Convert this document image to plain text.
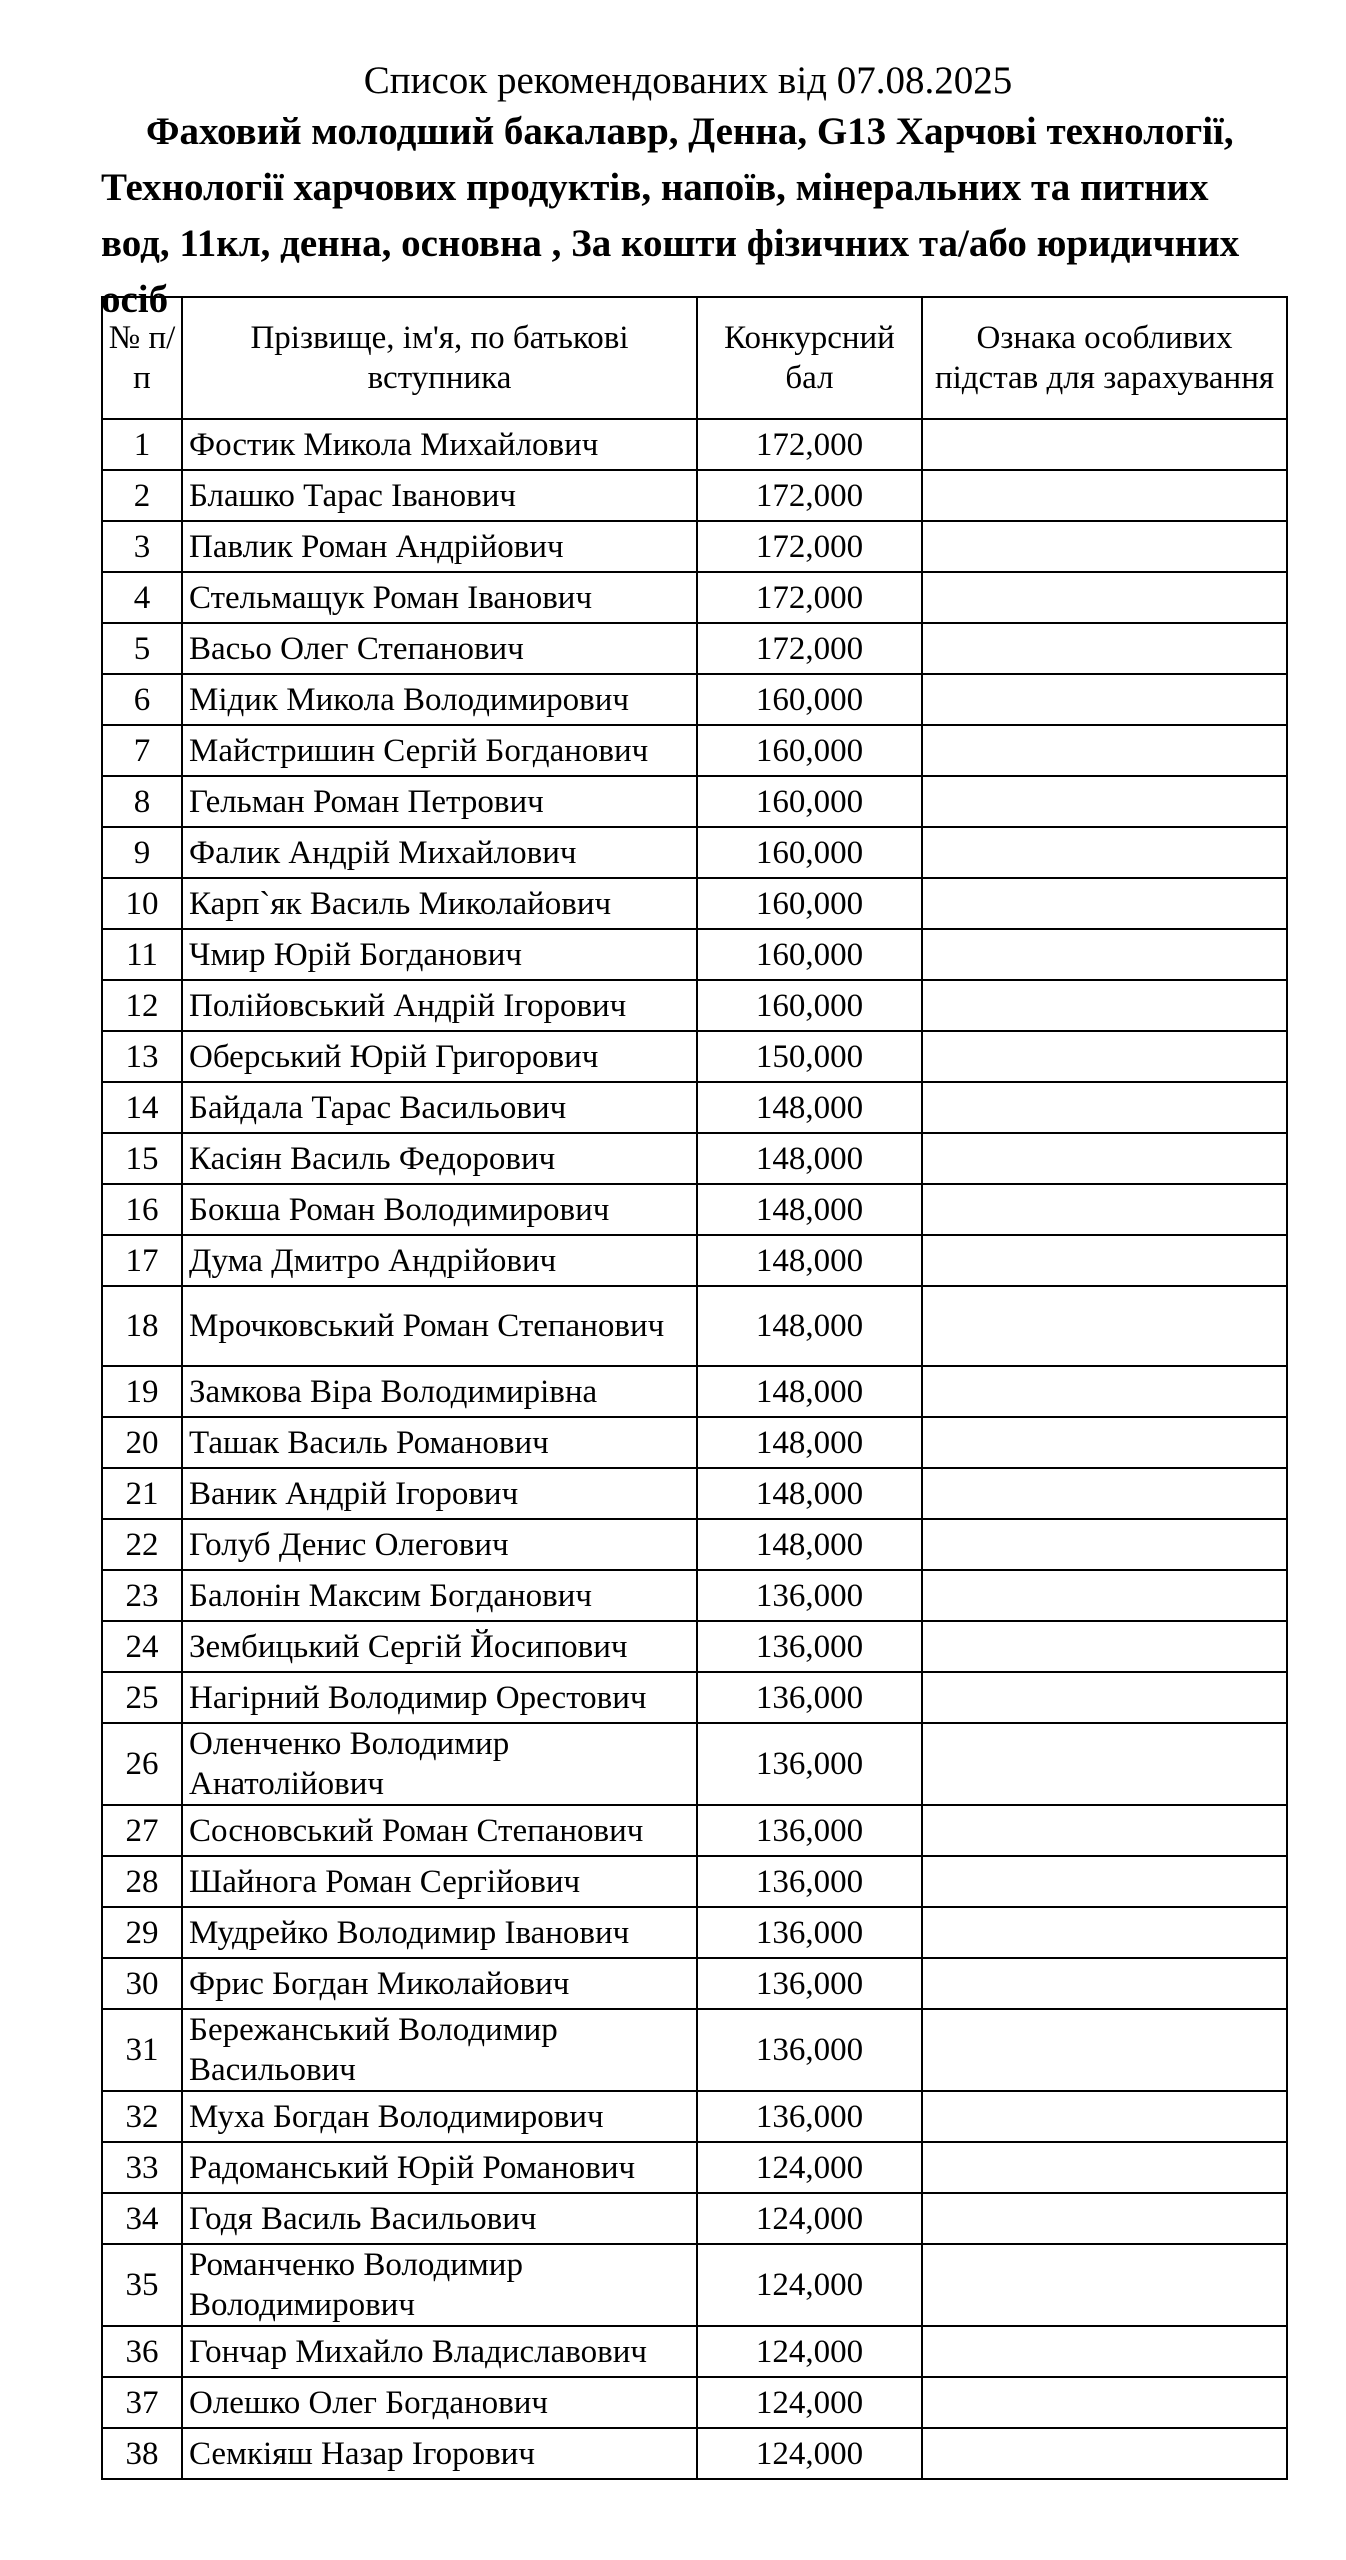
Список рекомендованих від 07.08.2025
Фаховий молодший бакалавр, Денна, G13 Харчові технології, Технології харчових продуктів, напоїв, мінеральних та питних вод, 11кл, денна, основна , За кошти фізичних та/або юридичних осіб
№ п/п	Прізвище, ім'я, по батькові вступника	Конкурсний бал	Ознака особливих підстав для зарахування
1	Фостик Микола Михайлович	172,000	
2	Блашко Тарас Іванович	172,000	
3	Павлик Роман Андрійович	172,000	
4	Стельмащук Роман Іванович	172,000	
5	Васьо Олег Степанович	172,000	
6	Мідик Микола Володимирович	160,000	
7	Майстришин Сергій Богданович	160,000	
8	Гельман Роман Петрович	160,000	
9	Фалик Андрій Михайлович	160,000	
10	Карп`як Василь Миколайович	160,000	
11	Чмир Юрій Богданович	160,000	
12	Полійовський Андрій Ігорович	160,000	
13	Оберський Юрій Григорович	150,000	
14	Байдала Тарас Васильович	148,000	
15	Касіян Василь Федорович	148,000	
16	Бокша Роман Володимирович	148,000	
17	Дума Дмитро Андрійович	148,000	
18	Мрочковський Роман Степанович	148,000	
19	Замкова Віра Володимирівна	148,000	
20	Ташак Василь Романович	148,000	
21	Ваник Андрій Ігорович	148,000	
22	Голуб Денис Олегович	148,000	
23	Балонін Максим Богданович	136,000	
24	Зембицький Сергій Йосипович	136,000	
25	Нагірний Володимир Орестович	136,000	
26	Оленченко Володимир Анатолійович	136,000	
27	Сосновський Роман Степанович	136,000	
28	Шайнога Роман Сергійович	136,000	
29	Мудрейко Володимир Іванович	136,000	
30	Фрис Богдан Миколайович	136,000	
31	Бережанський Володимир Васильович	136,000	
32	Муха Богдан Володимирович	136,000	
33	Радоманський Юрій Романович	124,000	
34	Годя Василь Васильович	124,000	
35	Романченко Володимир Володимирович	124,000	
36	Гончар Михайло Владиславович	124,000	
37	Олешко Олег Богданович	124,000	
38	Семкіяш Назар Ігорович	124,000	
